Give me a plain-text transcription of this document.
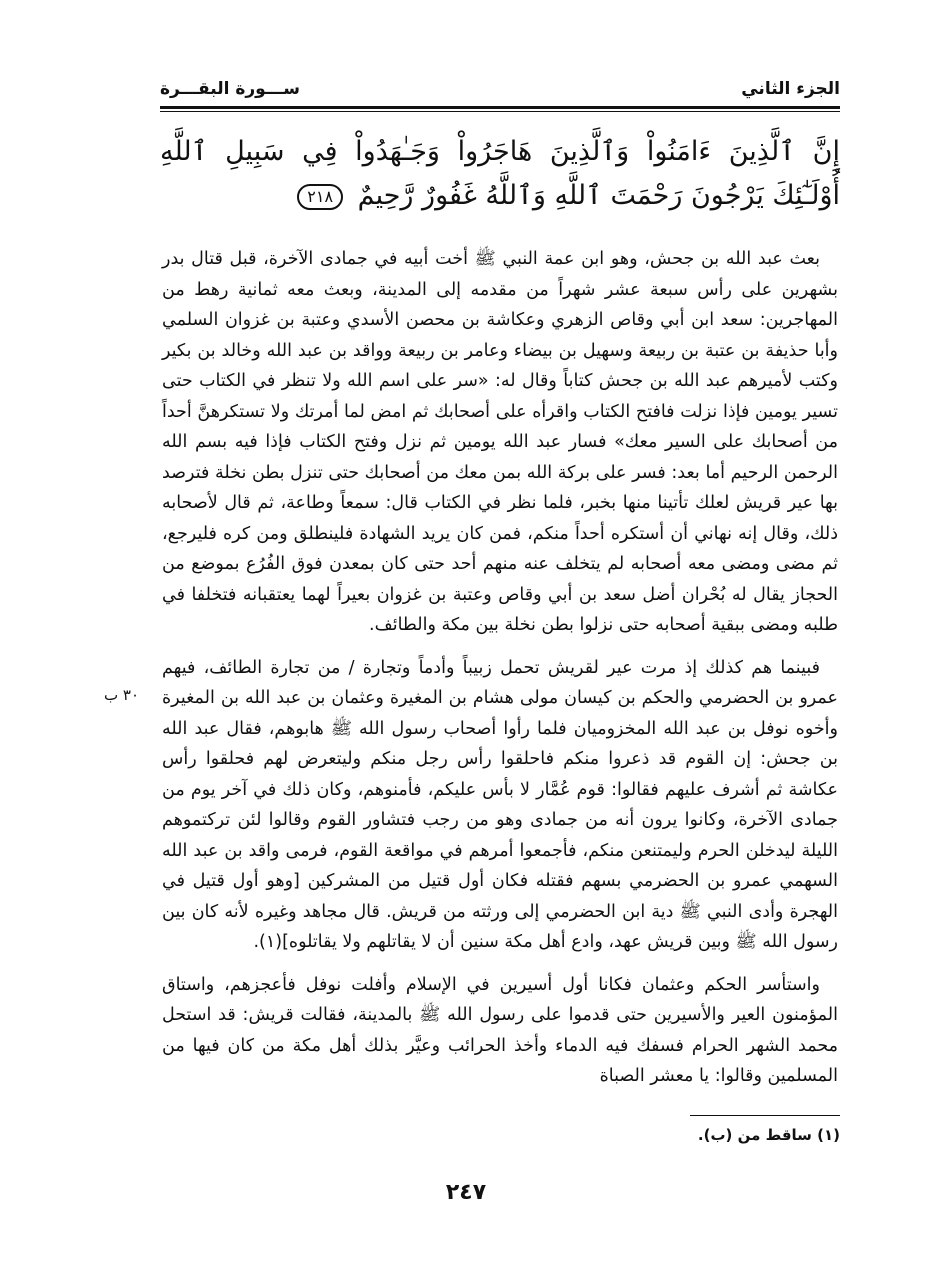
الجزء الثاني
ســـورة البقـــرة
إِنَّ ٱلَّذِينَ ءَامَنُواْ وَٱلَّذِينَ هَاجَرُواْ وَجَـٰهَدُواْ فِي سَبِيلِ ٱللَّهِ أُوْلَـٰٓئِكَ يَرْجُونَ رَحْمَتَ ٱللَّهِ وَٱللَّهُ غَفُورٌ رَّحِيمٌ ٢١٨

بعث عبد الله بن جحش، وهو ابن عمة النبي ﷺ أخت أبيه في جمادى الآخرة، قبل قتال بدر بشهرين على رأس سبعة عشر شهراً من مقدمه إلى المدينة، وبعث معه ثمانية رهط من المهاجرين: سعد ابن أبي وقاص الزهري وعكاشة بن محصن الأسدي وعتبة بن غزوان السلمي وأبا حذيفة بن عتبة بن ربيعة وسهيل بن بيضاء وعامر بن ربيعة وواقد بن عبد الله وخالد بن بكير وكتب لأميرهم عبد الله بن جحش كتاباً وقال له: «سر على اسم الله ولا تنظر في الكتاب حتى تسير يومين فإذا نزلت فافتح الكتاب واقرأه على أصحابك ثم امض لما أمرتك ولا تستكرهنَّ أحداً من أصحابك على السير معك» فسار عبد الله يومين ثم نزل وفتح الكتاب فإذا فيه بسم الله الرحمن الرحيم أما بعد: فسر على بركة الله بمن معك من أصحابك حتى تنزل بطن نخلة فترصد بها عير قريش لعلك تأتينا منها بخبر، فلما نظر في الكتاب قال: سمعاً وطاعة، ثم قال لأصحابه ذلك، وقال إنه نهاني أن أستكره أحداً منكم، فمن كان يريد الشهادة فلينطلق ومن كره فليرجع، ثم مضى ومضى معه أصحابه لم يتخلف عنه منهم أحد حتى كان بمعدن فوق الفُرُع بموضع من الحجاز يقال له بُحْران أضل سعد بن أبي وقاص وعتبة بن غزوان بعيراً لهما يعتقبانه فتخلفا في طلبه ومضى ببقية أصحابه حتى نزلوا بطن نخلة بين مكة والطائف.

فبينما هم كذلك إذ مرت عير لقريش تحمل زبيباً وأدماً وتجارة / من تجارة الطائف، فيهم عمرو بن الحضرمي والحكم بن كيسان مولى هشام بن المغيرة وعثمان بن عبد الله بن المغيرة وأخوه نوفل بن عبد الله المخزوميان فلما رأوا أصحاب رسول الله ﷺ هابوهم، فقال عبد الله بن جحش: إن القوم قد ذعروا منكم فاحلقوا رأس رجل منكم وليتعرض لهم فحلقوا رأس عكاشة ثم أشرف عليهم فقالوا: قوم عُمَّار لا بأس عليكم، فأمنوهم، وكان ذلك في آخر يوم من جمادى الآخرة، وكانوا يرون أنه من جمادى وهو من رجب فتشاور القوم وقالوا لئن تركتموهم الليلة ليدخلن الحرم وليمتنعن منكم، فأجمعوا أمرهم في مواقعة القوم، فرمى واقد بن عبد الله السهمي عمرو بن الحضرمي بسهم فقتله فكان أول قتيل من المشركين [وهو أول قتيل في الهجرة وأدى النبي ﷺ دية ابن الحضرمي إلى ورثته من قريش. قال مجاهد وغيره لأنه كان بين رسول الله ﷺ وبين قريش عهد، وادع أهل مكة سنين أن لا يقاتلهم ولا يقاتلوه](١).

واستأسر الحكم وعثمان فكانا أول أسيرين في الإسلام وأفلت نوفل فأعجزهم، واستاق المؤمنون العير والأسيرين حتى قدموا على رسول الله ﷺ بالمدينة، فقالت قريش: قد استحل محمد الشهر الحرام فسفك فيه الدماء وأخذ الحرائب وعيَّر بذلك أهل مكة من كان فيها من المسلمين وقالوا: يا معشر الصباة

٣٠ ب
(١) ساقط من (ب).
٢٤٧
